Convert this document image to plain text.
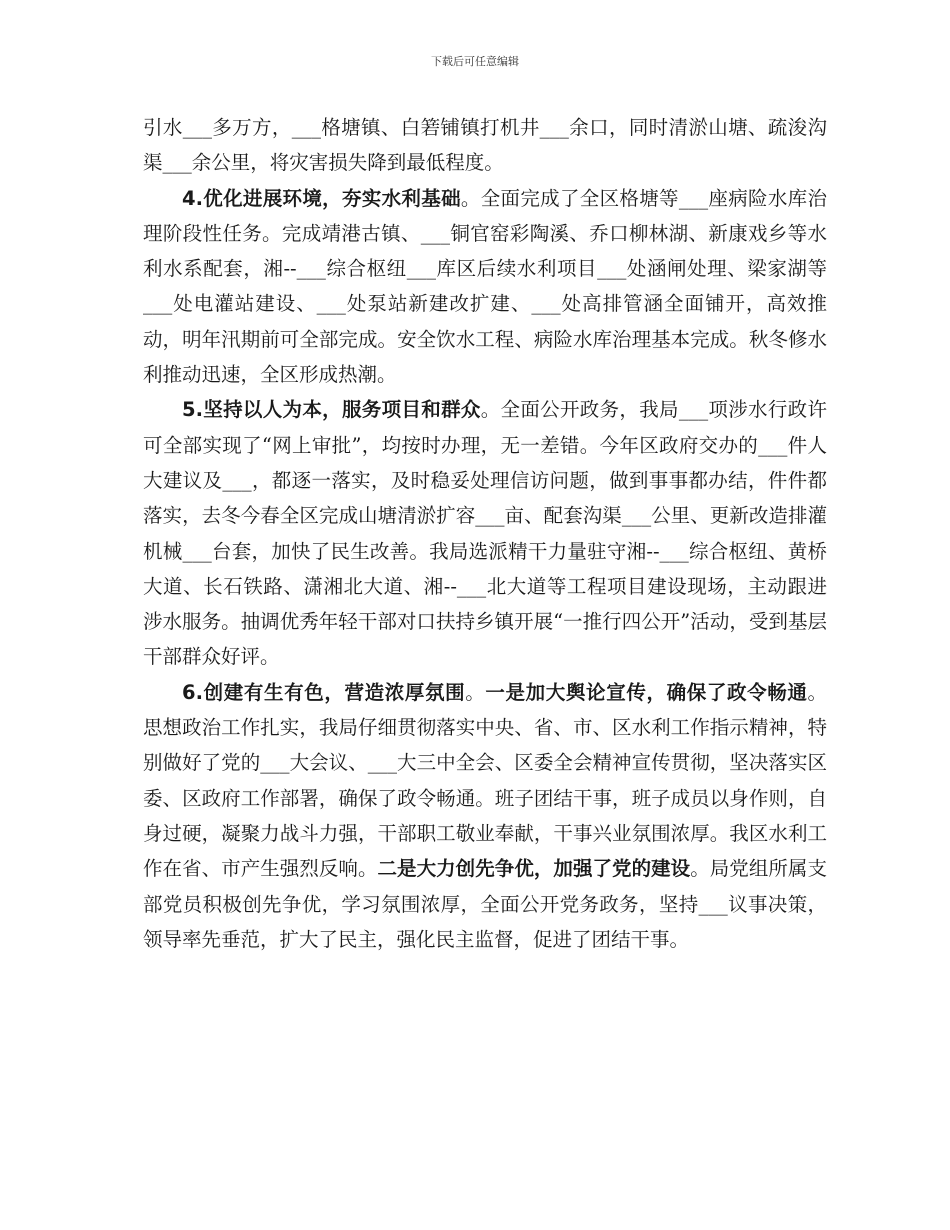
下载后可任意编辑

引水___多万方，___格塘镇、白箬铺镇打机井___余口，同时清淤山塘、疏浚沟渠___余公里，将灾害损失降到最低程度。

4.优化进展环境，夯实水利基础。全面完成了全区格塘等___座病险水库治理阶段性任务。完成靖港古镇、___铜官窑彩陶溪、乔口柳林湖、新康戏乡等水利水系配套，湘--___综合枢纽___库区后续水利项目___处涵闸处理、梁家湖等___处电灌站建设、___处泵站新建改扩建、___处高排管涵全面铺开，高效推动，明年汛期前可全部完成。安全饮水工程、病险水库治理基本完成。秋冬修水利推动迅速，全区形成热潮。

5.坚持以人为本，服务项目和群众。全面公开政务，我局___项涉水行政许可全部实现了“网上审批”，均按时办理，无一差错。今年区政府交办的___件人大建议及___，都逐一落实，及时稳妥处理信访问题，做到事事都办结，件件都落实，去冬今春全区完成山塘清淤扩容___亩、配套沟渠___公里、更新改造排灌机械___台套，加快了民生改善。我局选派精干力量驻守湘--___综合枢纽、黄桥大道、长石铁路、潇湘北大道、湘--___北大道等工程项目建设现场，主动跟进涉水服务。抽调优秀年轻干部对口扶持乡镇开展“一推行四公开”活动，受到基层干部群众好评。

6.创建有生有色，营造浓厚氛围。一是加大舆论宣传，确保了政令畅通。思想政治工作扎实，我局仔细贯彻落实中央、省、市、区水利工作指示精神，特别做好了党的___大会议、___大三中全会、区委全会精神宣传贯彻，坚决落实区委、区政府工作部署，确保了政令畅通。班子团结干事，班子成员以身作则，自身过硬，凝聚力战斗力强，干部职工敬业奉献，干事兴业氛围浓厚。我区水利工作在省、市产生强烈反响。二是大力创先争优，加强了党的建设。局党组所属支部党员积极创先争优，学习氛围浓厚，全面公开党务政务，坚持___议事决策，领导率先垂范，扩大了民主，强化民主监督，促进了团结干事。
